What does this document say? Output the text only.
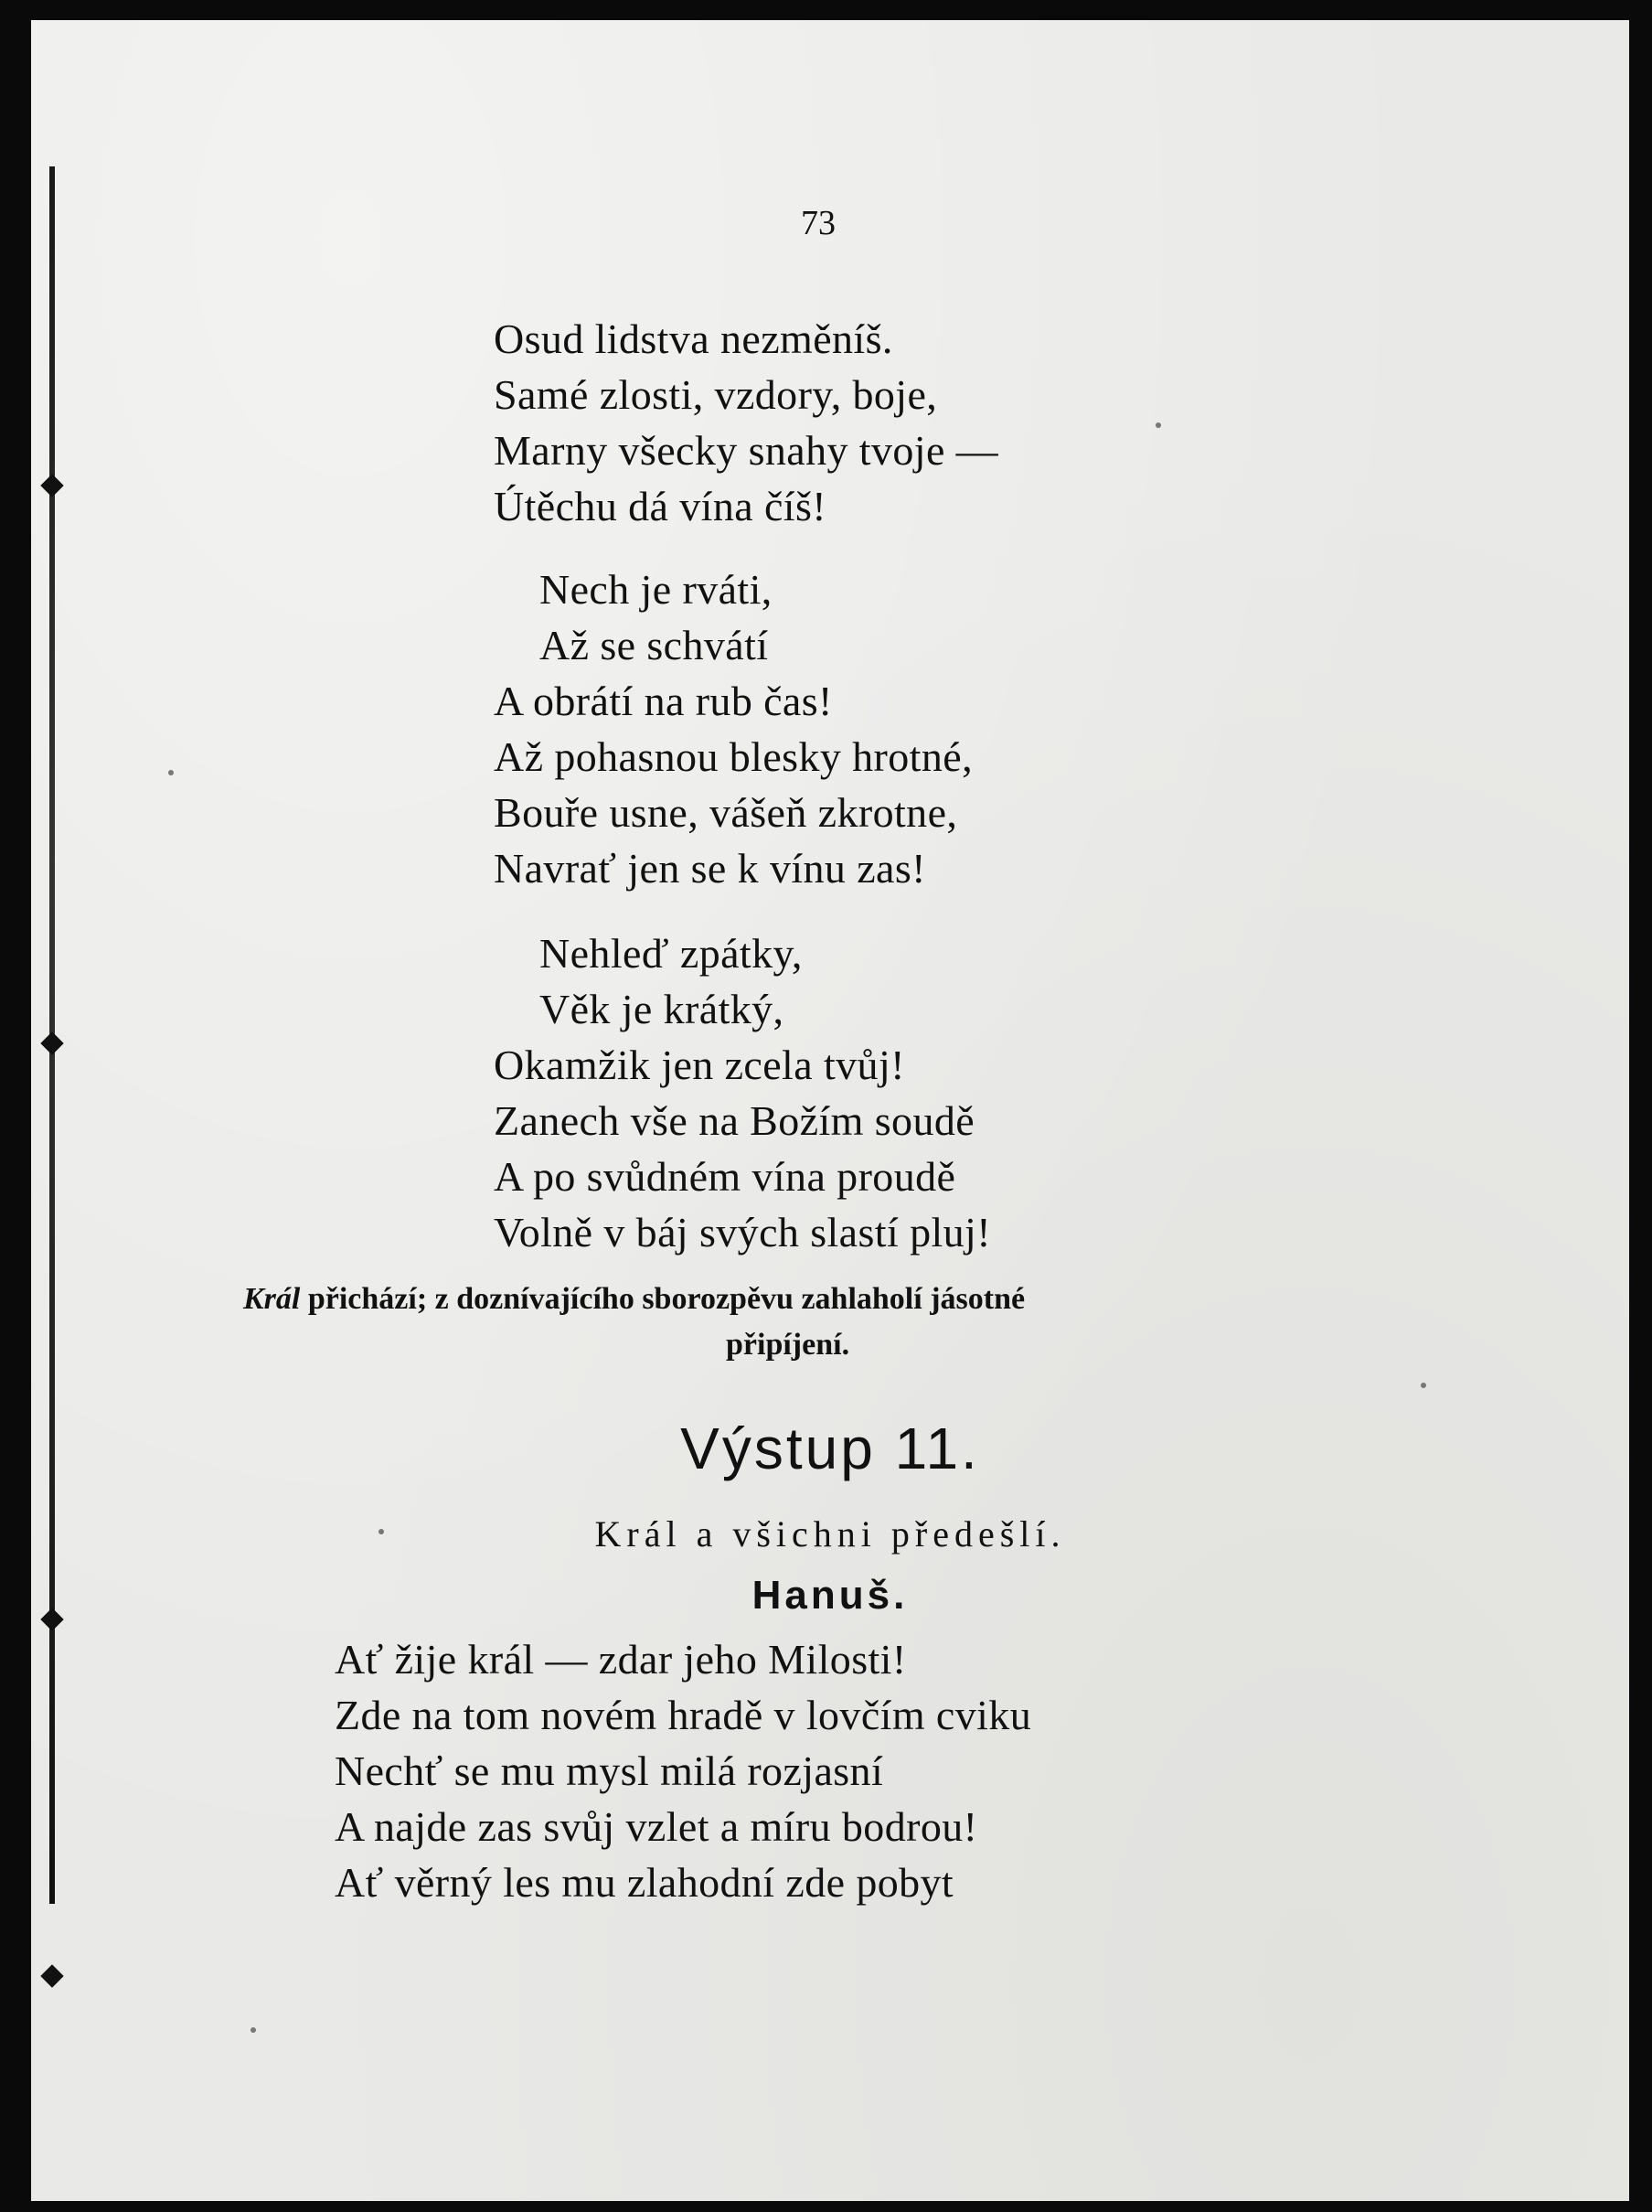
73
Osud lidstva nezměníš.
Samé zlosti, vzdory, boje,
Marny všecky snahy tvoje —
Útěchu dá vína číš!
Nech je rváti,
Až se schvátí
A obrátí na rub čas!
Až pohasnou blesky hrotné,
Bouře usne, vášeň zkrotne,
Navrať jen se k vínu zas!
Nehleď zpátky,
Věk je krátký,
Okamžik jen zcela tvůj!
Zanech vše na Božím soudě
A po svůdném vína proudě
Volně v báj svých slastí pluj!
Král přichází; z doznívajícího sborozpěvu zahlaholí jásotné
připíjení.
Výstup 11.
Král a všichni předešlí.
Hanuš.
Ať žije král — zdar jeho Milosti!
Zde na tom novém hradě v lovčím cviku
Nechť se mu mysl milá rozjasní
A najde zas svůj vzlet a míru bodrou!
Ať věrný les mu zlahodní zde pobyt
